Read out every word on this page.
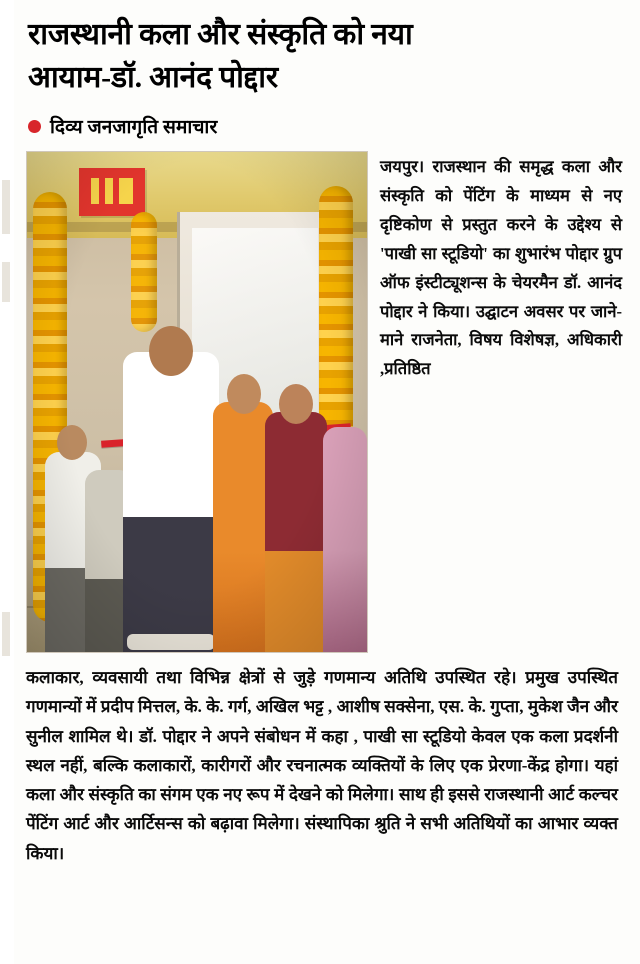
राजस्थानी कला और संस्कृति को नया
आयाम-डॉ. आनंद पोद्दार
दिव्य जनजागृति समाचार

जयपुर। राजस्थान की समृद्ध कला और संस्कृति को पेंटिंग के माध्यम से नए दृष्टिकोण से प्रस्तुत करने के उद्देश्य से 'पाखी सा स्टूडियो' का शुभारंभ पोद्दार ग्रुप ऑफ इंस्टीट्यूशन्स के चेयरमैन डॉ. आनंद पोद्दार ने किया। उद्घाटन अवसर पर जाने-माने राजनेता, विषय विशेषज्ञ, अधिकारी ,प्रतिष्ठित

कलाकार, व्यवसायी तथा विभिन्न क्षेत्रों से जुड़े गणमान्य अतिथि उपस्थित रहे। प्रमुख उपस्थित गणमान्यों में प्रदीप मित्तल, के. के. गर्ग, अखिल भट्ट , आशीष सक्सेना, एस. के. गुप्ता, मुकेश जैन और सुनील शामिल थे। डॉ. पोद्दार ने अपने संबोधन में कहा , पाखी सा स्टूडियो केवल एक कला प्रदर्शनी स्थल नहीं, बल्कि कलाकारों, कारीगरों और रचनात्मक व्यक्तियों के लिए एक प्रेरणा-केंद्र होगा। यहां कला और संस्कृति का संगम एक नए रूप में देखने को मिलेगा। साथ ही इससे राजस्थानी आर्ट कल्चर पेंटिंग आर्ट और आर्टिसन्स को बढ़ावा मिलेगा। संस्थापिका श्रुति ने सभी अतिथियों का आभार व्यक्त किया।
